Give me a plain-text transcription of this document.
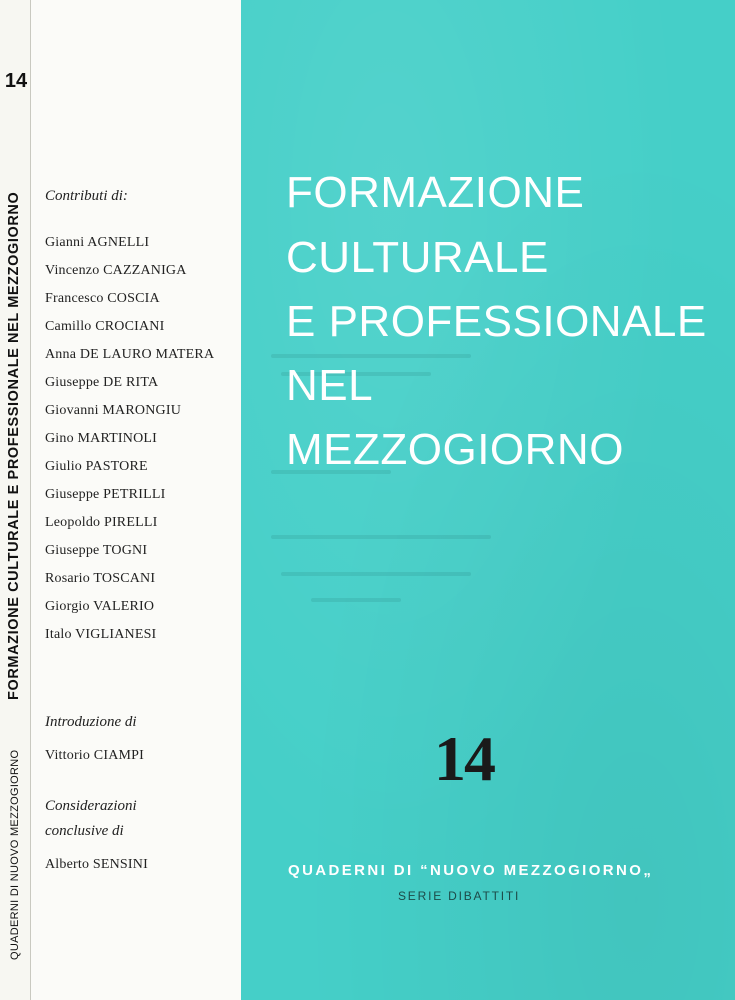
14
FORMAZIONE CULTURALE E PROFESSIONALE NEL MEZZOGIORNO
QUADERNI DI NUOVO MEZZOGIORNO
Contributi di:
Gianni AGNELLI
Vincenzo CAZZANIGA
Francesco COSCIA
Camillo CROCIANI
Anna DE LAURO MATERA
Giuseppe DE RITA
Giovanni MARONGIU
Gino MARTINOLI
Giulio PASTORE
Giuseppe PETRILLI
Leopoldo PIRELLI
Giuseppe TOGNI
Rosario TOSCANI
Giorgio VALERIO
Italo VIGLIANESI
Introduzione di
Vittorio CIAMPI
Considerazioni
conclusive di
Alberto SENSINI
FORMAZIONE
CULTURALE
E PROFESSIONALE
NEL
MEZZOGIORNO
14
QUADERNI DI “NUOVO MEZZOGIORNO„
SERIE DIBATTITI
